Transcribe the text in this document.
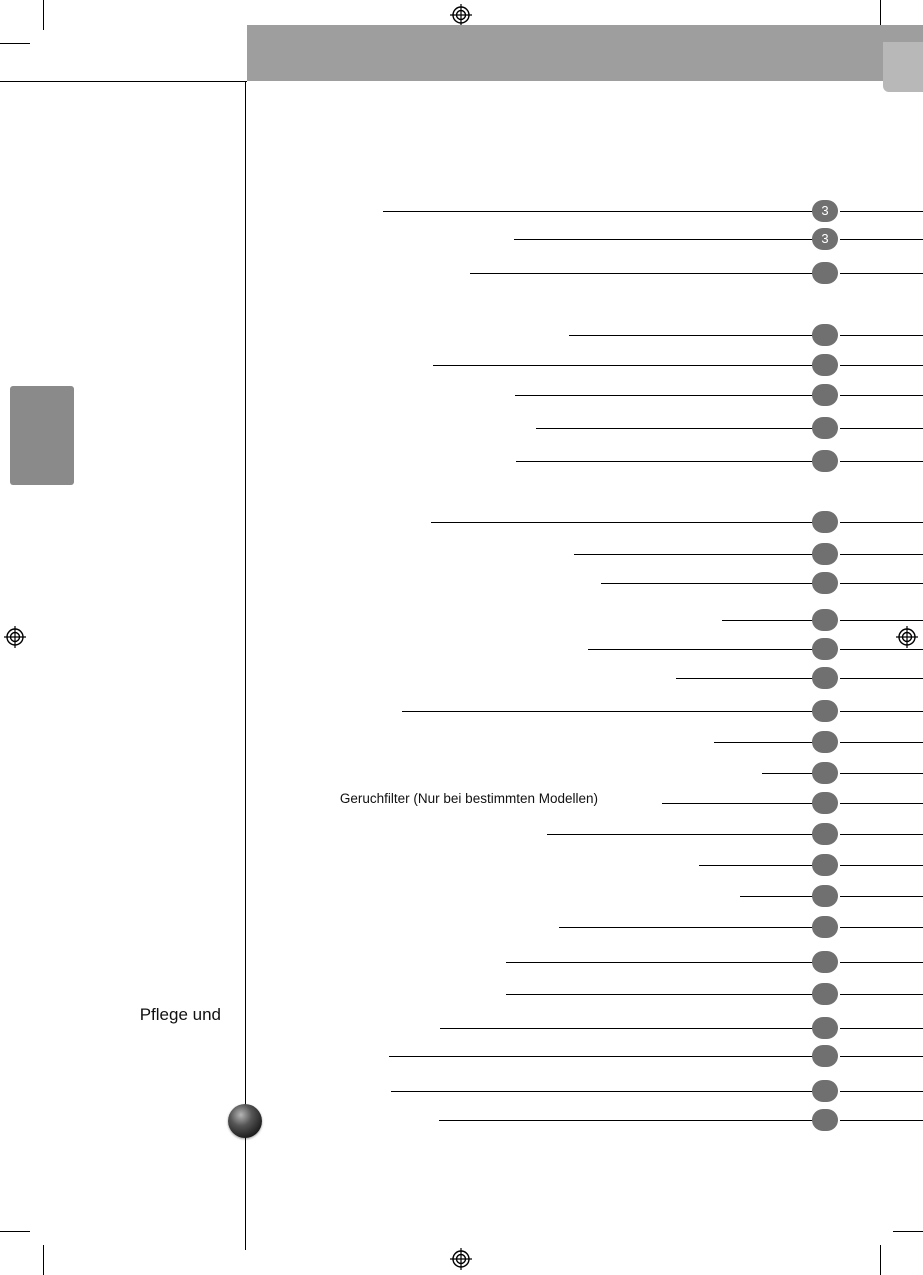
3
3
Geruchfilter (Nur bei bestimmten Modellen)
Pflege und
